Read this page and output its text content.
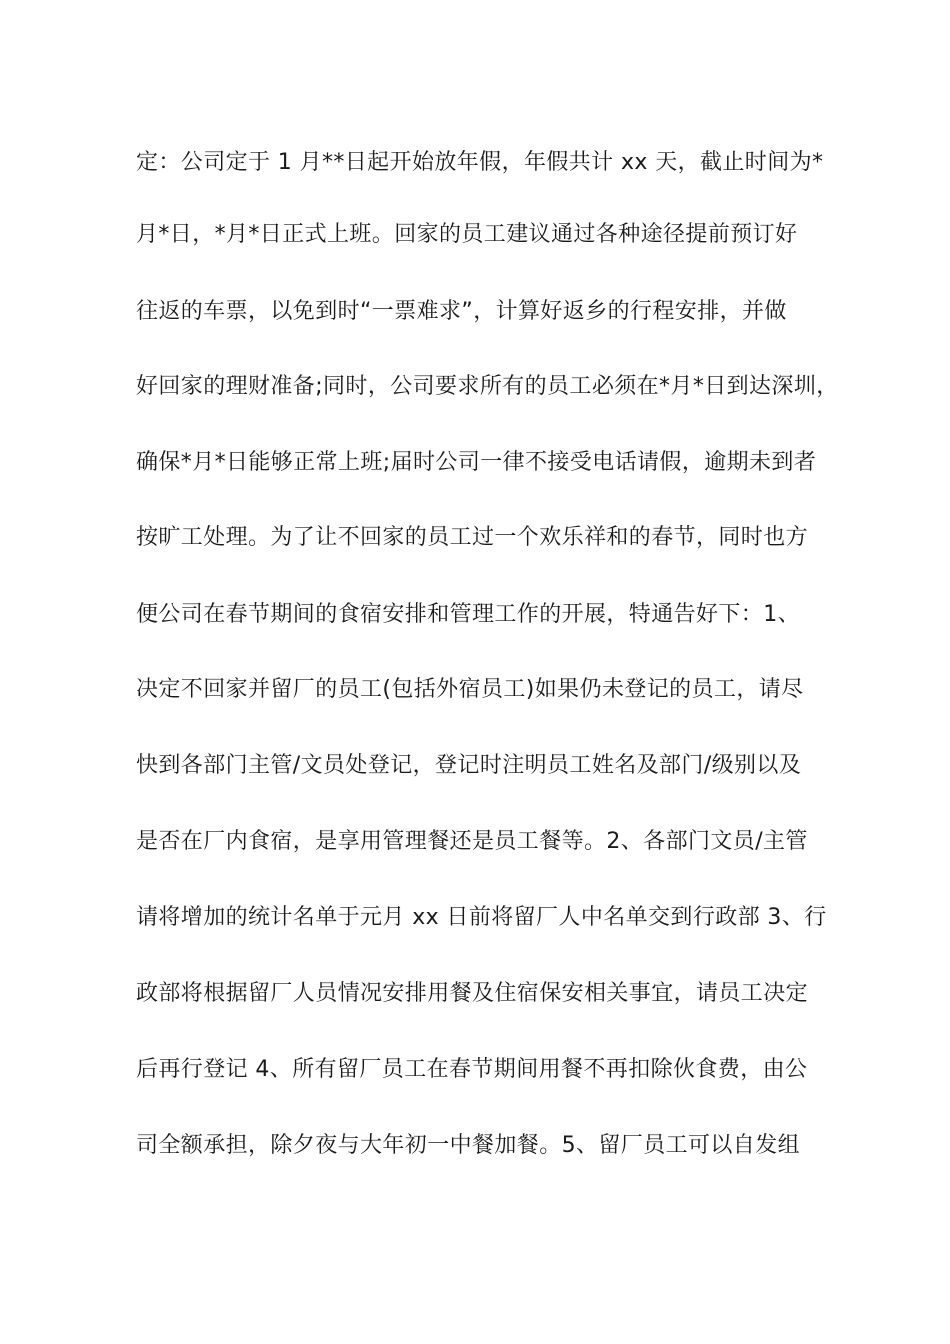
定：公司定于 1 月**日起开始放年假，年假共计 xx 天，截止时间为*
月*日，*月*日正式上班。回家的员工建议通过各种途径提前预订好
往返的车票，以免到时“一票难求”，计算好返乡的行程安排，并做
好回家的理财准备;同时，公司要求所有的员工必须在*月*日到达深圳，
确保*月*日能够正常上班;届时公司一律不接受电话请假，逾期未到者
按旷工处理。为了让不回家的员工过一个欢乐祥和的春节，同时也方
便公司在春节期间的食宿安排和管理工作的开展，特通告好下：1、
决定不回家并留厂的员工(包括外宿员工)如果仍未登记的员工，请尽
快到各部门主管/文员处登记，登记时注明员工姓名及部门/级别以及
是否在厂内食宿，是享用管理餐还是员工餐等。2、各部门文员/主管
请将增加的统计名单于元月 xx 日前将留厂人中名单交到行政部 3、行
政部将根据留厂人员情况安排用餐及住宿保安相关事宜，请员工决定
后再行登记 4、所有留厂员工在春节期间用餐不再扣除伙食费，由公
司全额承担，除夕夜与大年初一中餐加餐。5、留厂员工可以自发组
